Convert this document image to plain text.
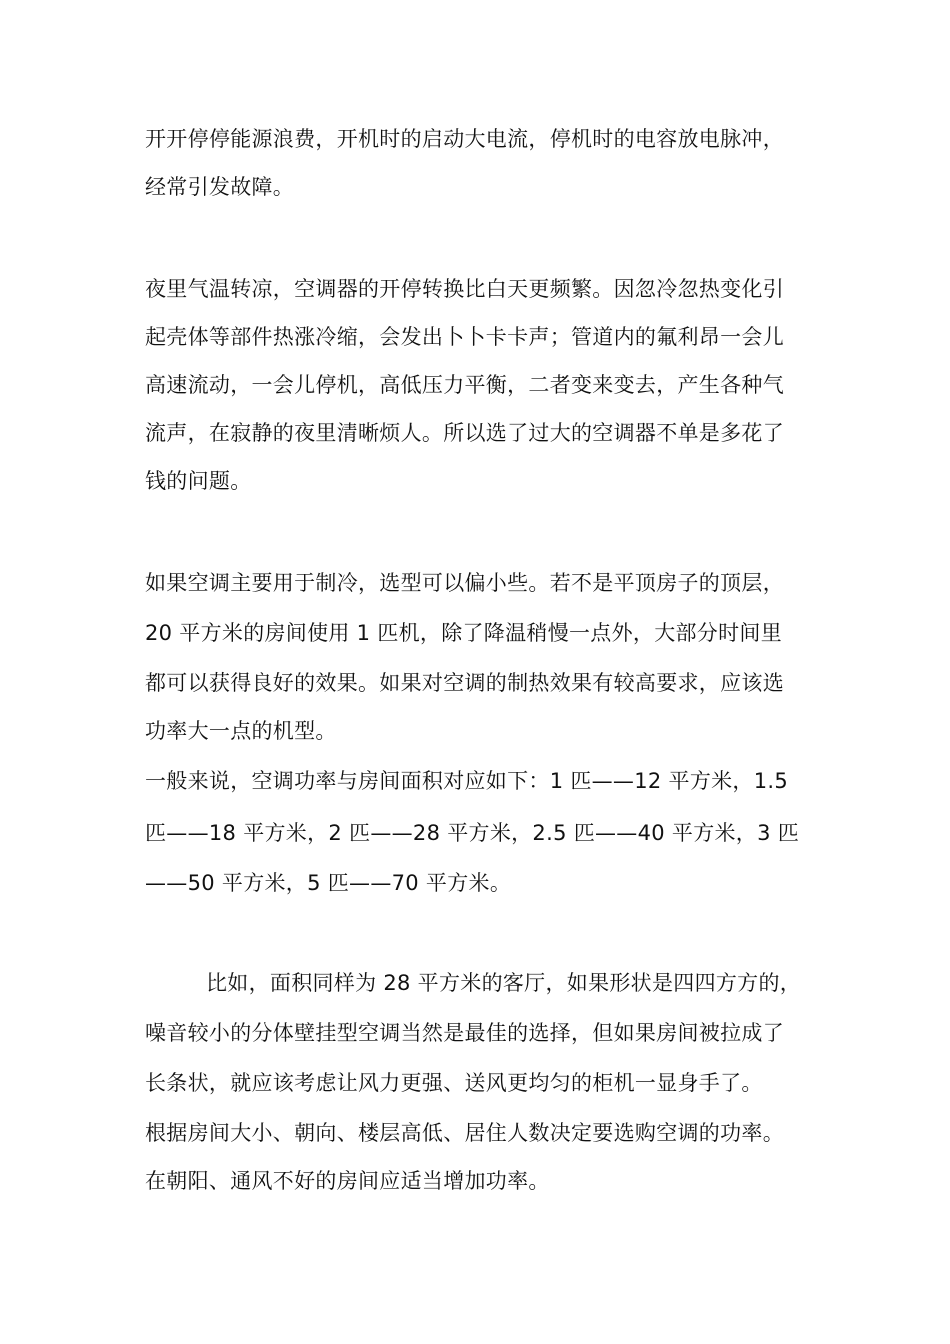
开开停停能源浪费，开机时的启动大电流，停机时的电容放电脉冲，
经常引发故障。
夜里气温转凉，空调器的开停转换比白天更频繁。因忽冷忽热变化引
起壳体等部件热涨冷缩，会发出卜卜卡卡声；管道内的氟利昂一会儿
高速流动，一会儿停机，高低压力平衡，二者变来变去，产生各种气
流声，在寂静的夜里清晰烦人。所以选了过大的空调器不单是多花了
钱的问题。
如果空调主要用于制冷，选型可以偏小些。若不是平顶房子的顶层，
20 平方米的房间使用 1 匹机，除了降温稍慢一点外，大部分时间里
都可以获得良好的效果。如果对空调的制热效果有较高要求，应该选
功率大一点的机型。
一般来说，空调功率与房间面积对应如下：1 匹——12 平方米，1.5
匹——18 平方米，2 匹——28 平方米，2.5 匹——40 平方米，3 匹
——50 平方米，5 匹——70 平方米。
比如，面积同样为 28 平方米的客厅，如果形状是四四方方的，
噪音较小的分体壁挂型空调当然是最佳的选择，但如果房间被拉成了
长条状，就应该考虑让风力更强、送风更均匀的柜机一显身手了。
根据房间大小、朝向、楼层高低、居住人数决定要选购空调的功率。
在朝阳、通风不好的房间应适当增加功率。
